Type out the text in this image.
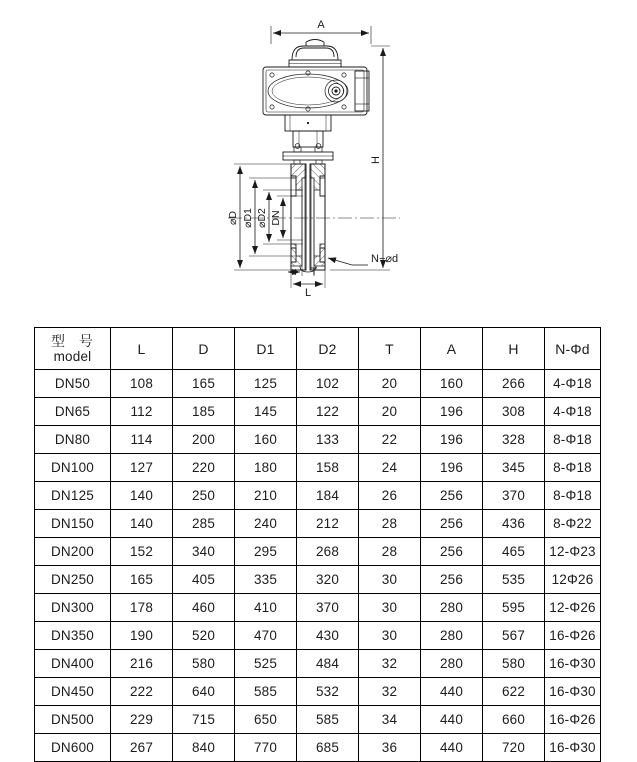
A
⌀D ⌀D1 ⌀D2 DN
H
T
L
N−⌀d
型 号
model	L	D	D1	D2	T	A	H	N-Φd
DN50	108	165	125	102	20	160	266	4-Φ18
DN65	112	185	145	122	20	196	308	4-Φ18
DN80	114	200	160	133	22	196	328	8-Φ18
DN100	127	220	180	158	24	196	345	8-Φ18
DN125	140	250	210	184	26	256	370	8-Φ18
DN150	140	285	240	212	28	256	436	8-Φ22
DN200	152	340	295	268	28	256	465	12-Φ23
DN250	165	405	335	320	30	256	535	12Φ26
DN300	178	460	410	370	30	280	595	12-Φ26
DN350	190	520	470	430	30	280	567	16-Φ26
DN400	216	580	525	484	32	280	580	16-Φ30
DN450	222	640	585	532	32	440	622	16-Φ30
DN500	229	715	650	585	34	440	660	16-Φ26
DN600	267	840	770	685	36	440	720	16-Φ30
